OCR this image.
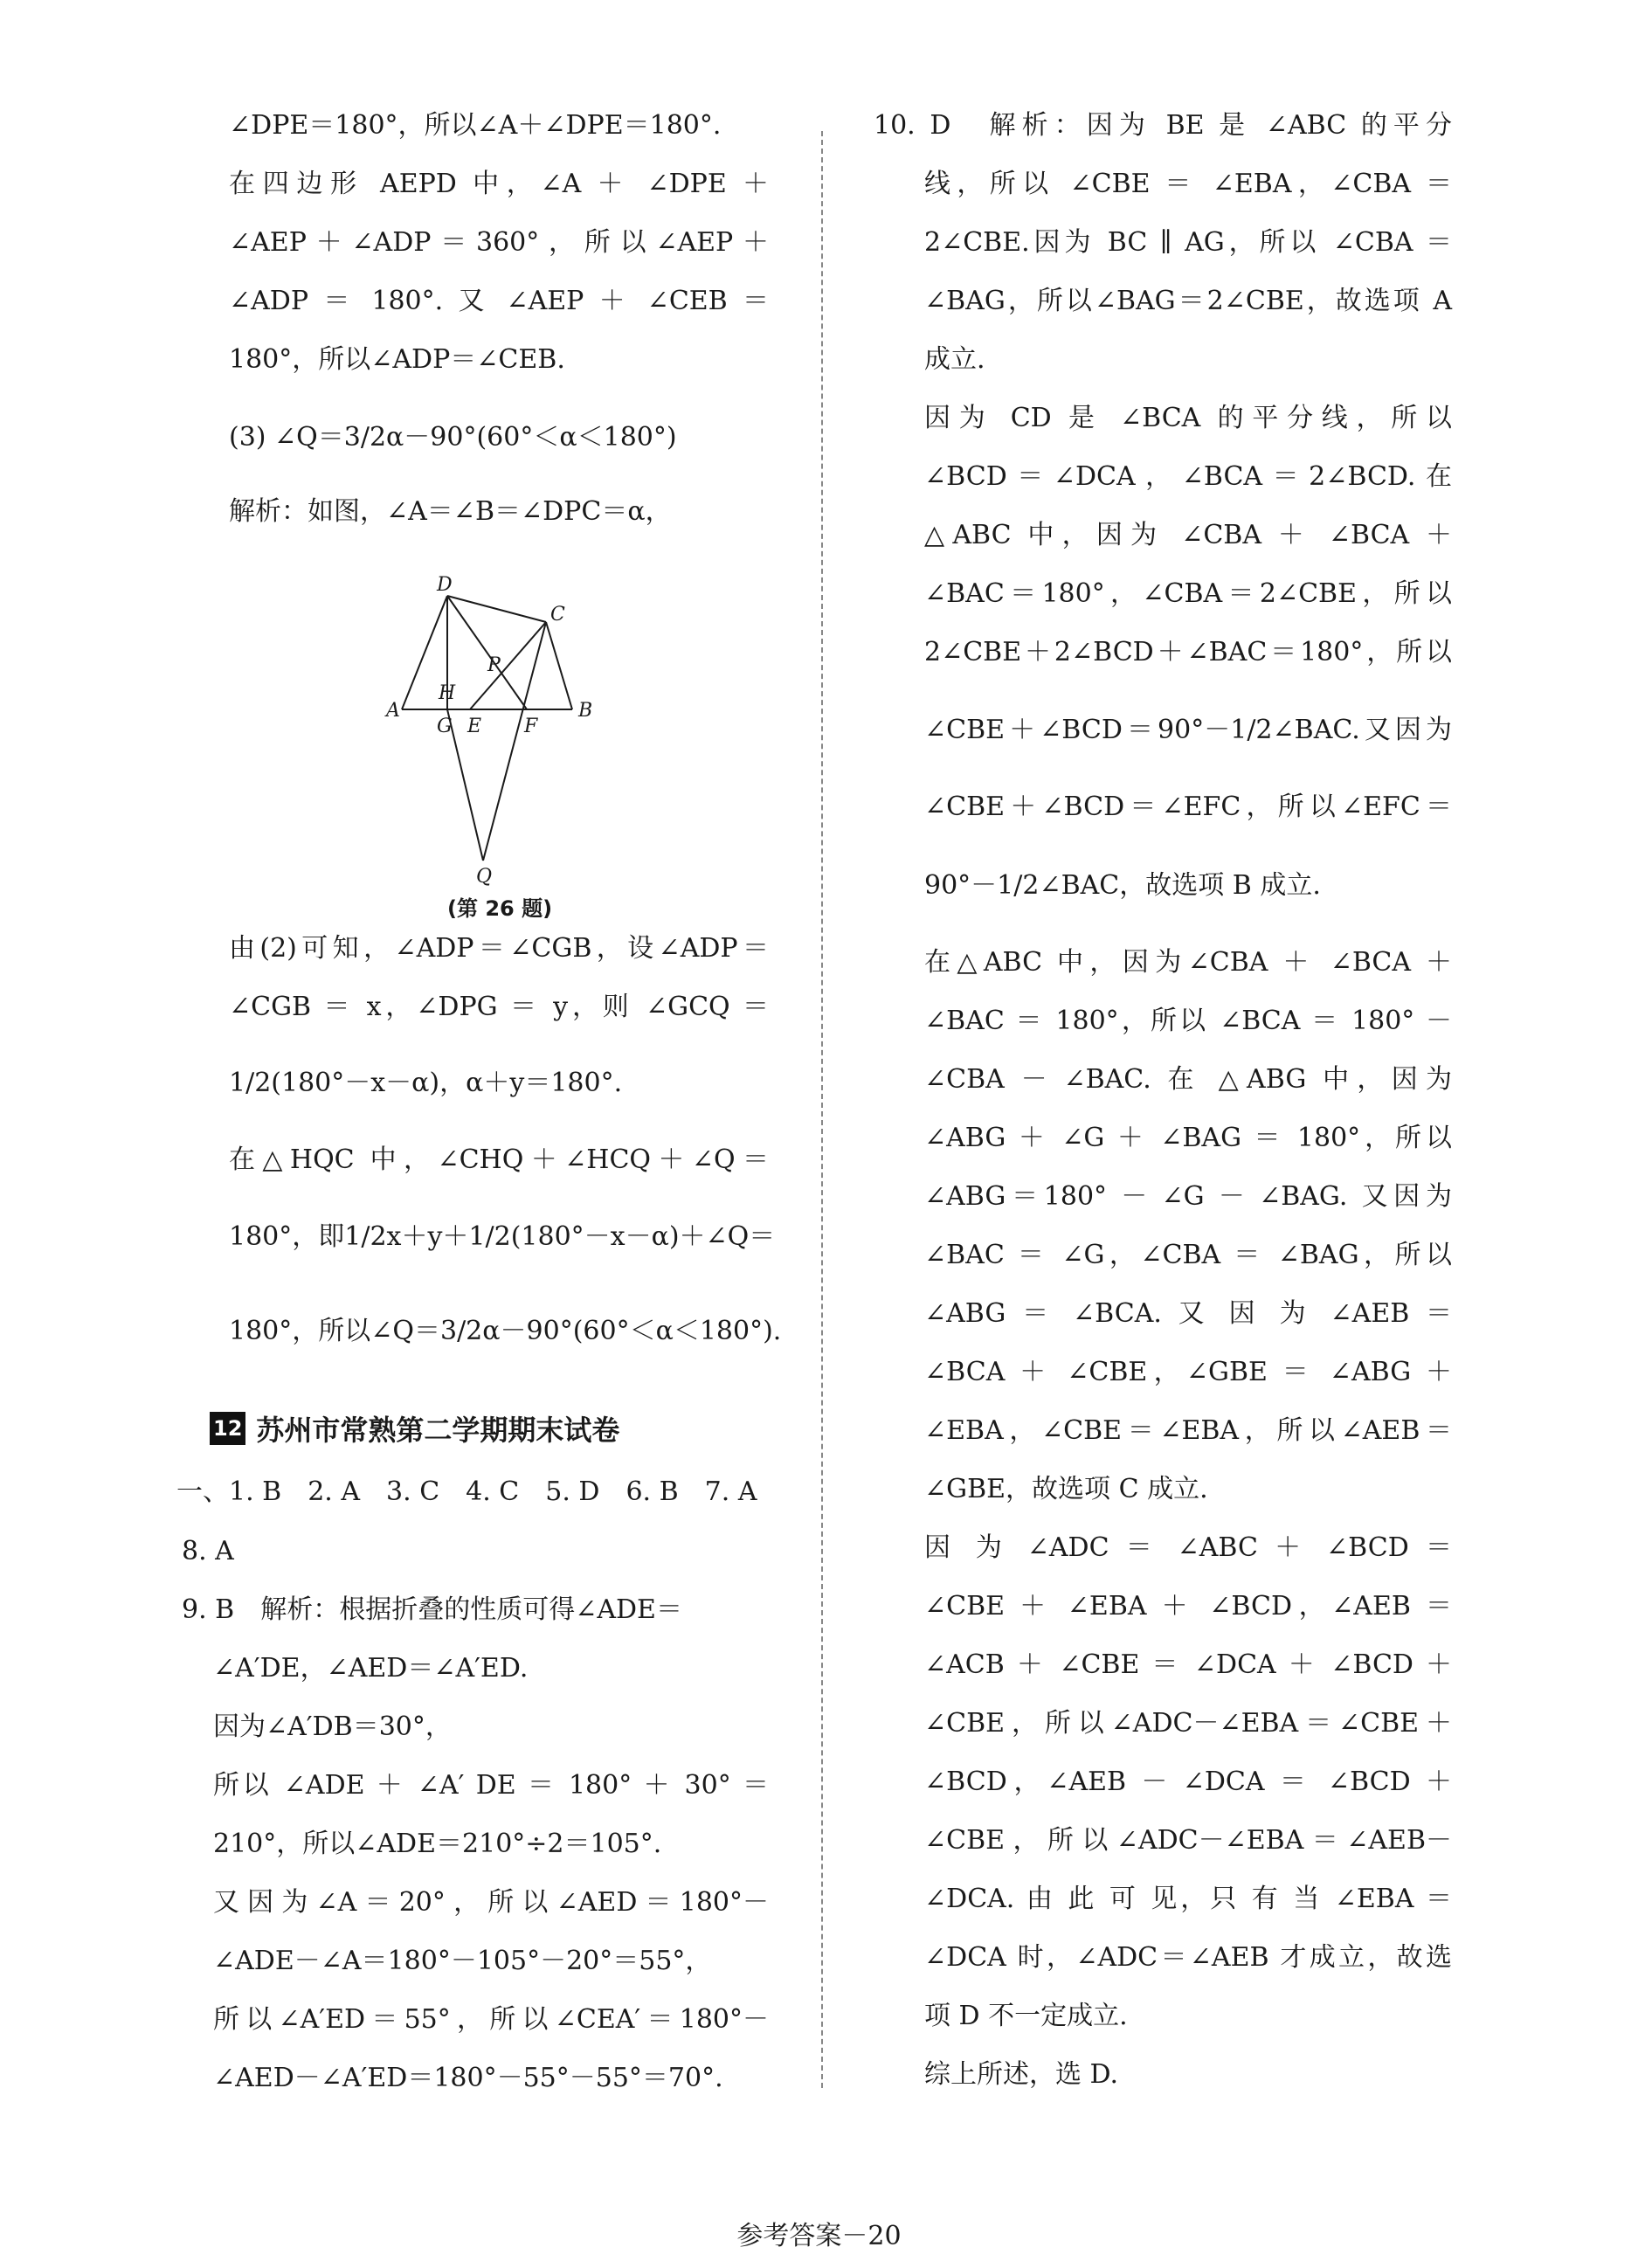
∠DPE＝180°，所以∠A＋∠DPE＝180°.
在四边形 AEPD 中，∠A ＋ ∠DPE ＋
∠AEP＋∠ADP＝360°，所以∠AEP＋
∠ADP ＝ 180°. 又 ∠AEP ＋ ∠CEB ＝
180°，所以∠ADP＝∠CEB.
(3) ∠Q＝3/2α－90°(60°＜α＜180°)
解析：如图，∠A＝∠B＝∠DPC＝α，
由(2)可知，∠ADP＝∠CGB，设∠ADP＝
∠CGB ＝ x，∠DPG ＝ y，则 ∠GCQ ＝
1/2(180°－x－α)，α＋y＝180°.
在△HQC 中，∠CHQ＋∠HCQ＋∠Q＝
180°，即1/2x＋y＋1/2(180°－x－α)＋∠Q＝
180°，所以∠Q＝3/2α－90°(60°＜α＜180°).
一、1. B　2. A　3. C　4. C　5. D　6. B　7. A
8. A
9. B　解析：根据折叠的性质可得∠ADE＝
∠A′DE，∠AED＝∠A′ED.
因为∠A′DB＝30°，
所以 ∠ADE ＋ ∠A′ DE ＝ 180° ＋ 30° ＝
210°，所以∠ADE＝210°÷2＝105°.
又因为∠A＝20°，所以∠AED＝180°－
∠ADE－∠A＝180°－105°－20°＝55°，
所以∠A′ED＝55°，所以∠CEA′＝180°－
∠AED－∠A′ED＝180°－55°－55°＝70°.
10. D　解析：因为 BE 是 ∠ABC 的平分
线，所以 ∠CBE ＝ ∠EBA，∠CBA ＝
2∠CBE.因为 BC ∥ AG，所以 ∠CBA ＝
∠BAG，所以∠BAG＝2∠CBE，故选项 A
成立.
因为 CD 是 ∠BCA 的平分线，所以
∠BCD＝∠DCA，∠BCA＝2∠BCD.在
△ABC 中，因为 ∠CBA ＋ ∠BCA ＋
∠BAC＝180°，∠CBA＝2∠CBE，所以
2∠CBE＋2∠BCD＋∠BAC＝180°，所以
∠CBE＋∠BCD＝90°－1/2∠BAC.又因为
∠CBE＋∠BCD＝∠EFC，所以∠EFC＝
90°－1/2∠BAC，故选项 B 成立.
在△ABC 中，因为∠CBA ＋ ∠BCA ＋
∠BAC ＝ 180°，所以 ∠BCA ＝ 180° －
∠CBA － ∠BAC. 在 △ABG 中，因为
∠ABG ＋ ∠G ＋ ∠BAG ＝ 180°，所以
∠ABG＝180° － ∠G － ∠BAG. 又因为
∠BAC ＝ ∠G，∠CBA ＝ ∠BAG，所以
∠ABG ＝ ∠BCA. 又 因 为 ∠AEB ＝
∠BCA ＋ ∠CBE，∠GBE ＝ ∠ABG ＋
∠EBA，∠CBE＝∠EBA，所以∠AEB＝
∠GBE，故选项 C 成立.
因 为 ∠ADC ＝ ∠ABC ＋ ∠BCD ＝
∠CBE ＋ ∠EBA ＋ ∠BCD，∠AEB ＝
∠ACB ＋ ∠CBE ＝ ∠DCA ＋ ∠BCD ＋
∠CBE，所以∠ADC－∠EBA＝∠CBE＋
∠BCD，∠AEB － ∠DCA ＝ ∠BCD ＋
∠CBE，所以∠ADC－∠EBA＝∠AEB－
∠DCA. 由 此 可 见，只 有 当 ∠EBA ＝
∠DCA 时，∠ADC＝∠AEB 才成立，故选
项 D 不一定成立.
综上所述，选 D.
D
C
P
H
A	B
G E F
Q
(第 26 题)
12 苏州市常熟第二学期期末试卷
参考答案－20
